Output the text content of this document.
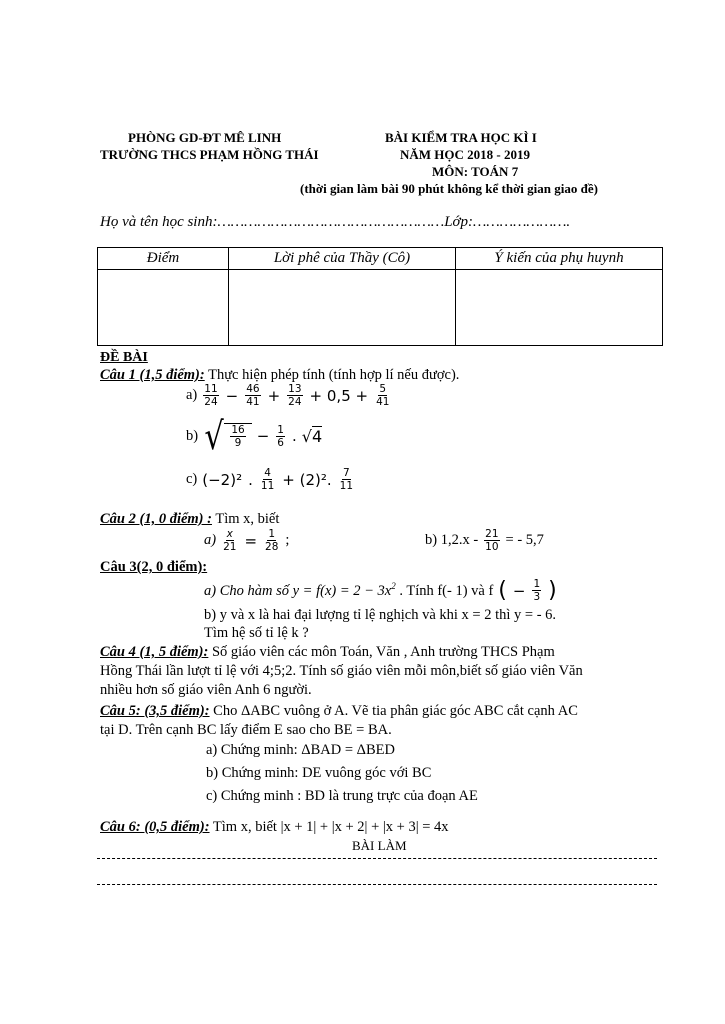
PHÒNG GD-ĐT MÊ LINH
TRƯỜNG THCS PHẠM HỒNG THÁI
BÀI KIỂM TRA HỌC KÌ I
NĂM HỌC 2018 - 2019
MÔN: TOÁN 7
(thời gian làm bài 90 phút không kể thời gian giao đề)
Họ và tên học sinh:……………………………………………Lớp:………………….
Điểm	Lời phê của Thầy (Cô)	Ý kiến của phụ huynh

ĐỀ BÀI
Câu 1 (1,5 điểm): Thực hiện phép tính (tính hợp lí nếu được).
$a) \frac{11}{24} - \frac{46}{41} + \frac{13}{24} + 0,5 + \frac{5}{41}$
b) √ $\frac{16}{9} - \frac{1}{6}$ . √4
c) (−2)² . $\frac{4}{11} + (2)^2$. $\frac{7}{11}$
Câu 2 (1, 0 điểm) : Tìm x, biết
$a) \frac{x}{21} = \frac{1}{28}$ ;	b) $1,2.x - \frac{21}{10}$ = - 5,7
Câu 3(2, 0 điểm):
a) Cho hàm số $y = f(x) = 2 - 3x^2$ . Tính f(- 1) và f ( − $\frac{1}{3}$ )
b) y và x là hai đại lượng tỉ lệ nghịch và khi x = 2 thì y = - 6.
Tìm hệ số tỉ lệ k ?
Câu 4 (1, 5 điểm): Số giáo viên các môn Toán, Văn , Anh trường THCS Phạm
Hồng Thái lần lượt tỉ lệ với 4;5;2. Tính số giáo viên mỗi môn,biết số giáo viên Văn
nhiều hơn số giáo viên Anh 6 người.
Câu 5: (3,5 điểm): Cho ΔABC vuông ở A. Vẽ tia phân giác góc ABC cắt cạnh AC
tại D. Trên cạnh BC lấy điểm E sao cho BE = BA.
a) Chứng minh: ΔBAD = ΔBED
b) Chứng minh: DE vuông góc với BC
c) Chứng minh : BD là trung trực của đoạn AE
Câu 6: (0,5 điểm): Tìm x, biết |x + 1| + |x + 2| + |x + 3| = 4x
BÀI LÀM
